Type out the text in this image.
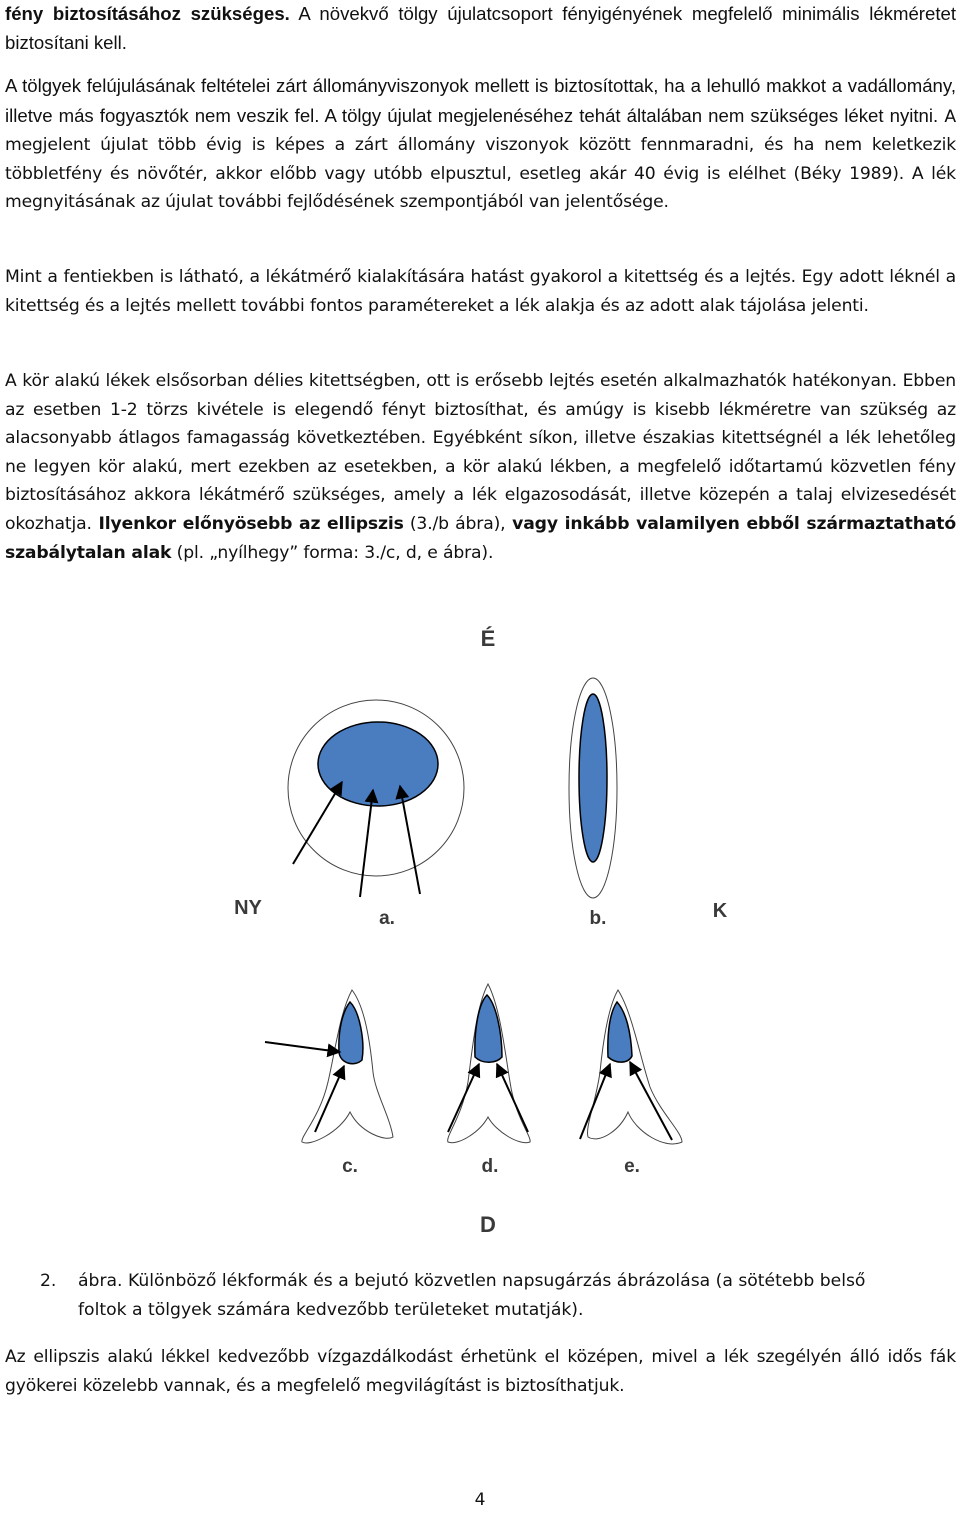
fény biztosításához szükséges. A növekvő tölgy újulatcsoport fényigényének megfelelő minimális lékméretet biztosítani kell.

A tölgyek felújulásának feltételei zárt állományviszonyok mellett is biztosítottak, ha a lehulló makkot a vadállomány, illetve más fogyasztók nem veszik fel. A tölgy újulat megjelenéséhez tehát általában nem szükséges léket nyitni. A megjelent újulat több évig is képes a zárt állomány viszonyok között fennmaradni, és ha nem keletkezik többletfény és növőtér, akkor előbb vagy utóbb elpusztul, esetleg akár 40 évig is elélhet (Béky 1989). A lék megnyitásának az újulat további fejlődésének szempontjából van jelentősége.

Mint a fentiekben is látható, a lékátmérő kialakítására hatást gyakorol a kitettség és a lejtés. Egy adott léknél a kitettség és a lejtés mellett további fontos paramétereket a lék alakja és az adott alak tájolása jelenti.

A kör alakú lékek elsősorban délies kitettségben, ott is erősebb lejtés esetén alkalmazhatók hatékonyan. Ebben az esetben 1-2 törzs kivétele is elegendő fényt biztosíthat, és amúgy is kisebb lékméretre van szükség az alacsonyabb átlagos famagasság következtében. Egyébként síkon, illetve északias kitettségnél a lék lehetőleg ne legyen kör alakú, mert ezekben az esetekben, a kör alakú lékben, a megfelelő időtartamú közvetlen fény biztosításához akkora lékátmérő szükséges, amely a lék elgazosodását, illetve közepén a talaj elvizesedését okozhatja. Ilyenkor előnyösebb az ellipszis (3./b ábra), vagy inkább valamilyen ebből származtatható szabálytalan alak (pl. „nyílhegy” forma: 3./c, d, e ábra).

É
NY	K
D
a.	b.
c.	d.	e.
2. ábra. Különböző lékformák és a bejutó közvetlen napsugárzás ábrázolása (a sötétebb belső
foltok a tölgyek számára kedvezőbb területeket mutatják).

Az ellipszis alakú lékkel kedvezőbb vízgazdálkodást érhetünk el középen, mivel a lék szegélyén álló idős fák gyökerei közelebb vannak, és a megfelelő megvilágítást is biztosíthatjuk.

4
